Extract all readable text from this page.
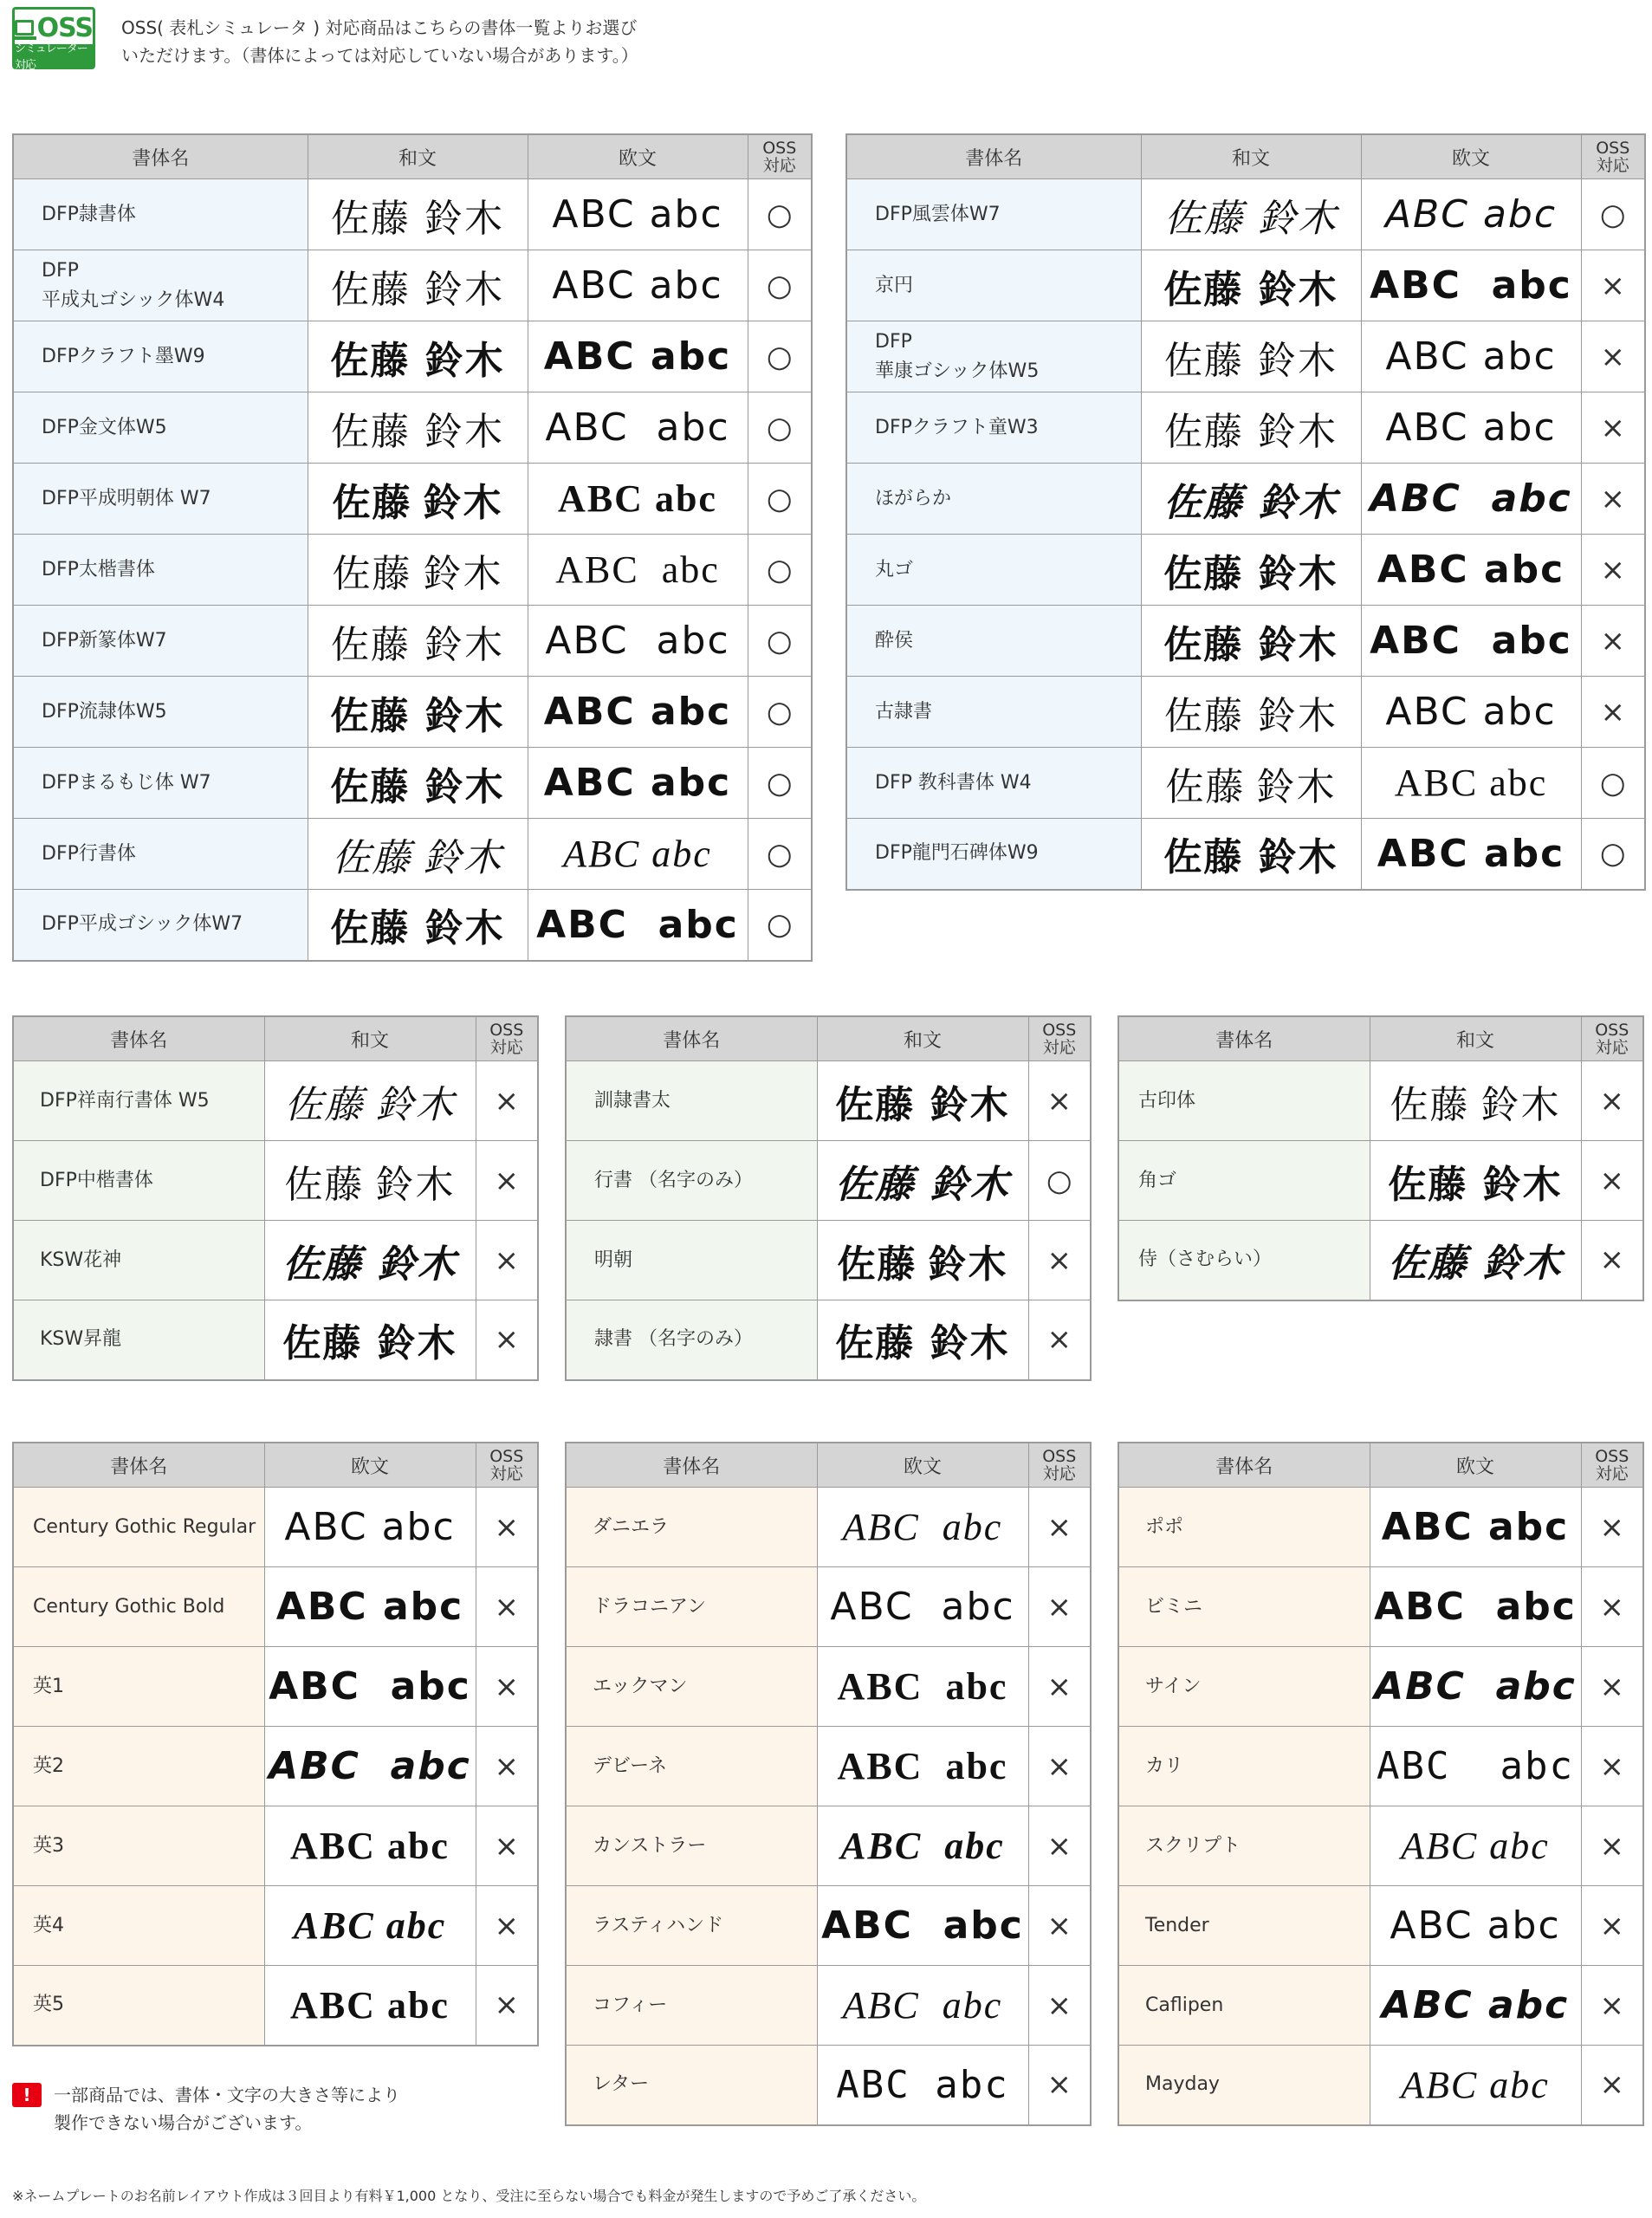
OSS
シミュレーター対応
OSS( 表札シミュレータ ) 対応商品はこちらの書体一覧よりお選び
いただけます。（書体によっては対応していない場合があります。）
書体名	和文	欧文	OSS
対応
DFP隷書体	佐藤 鈴木	ABC abc	○
DFP
平成丸ゴシック体W4	佐藤 鈴木	ABC abc	○
DFPクラフト墨W9	佐藤 鈴木	ABC abc	○
DFP金文体W5	佐藤 鈴木	ABC  abc	○
DFP平成明朝体 W7	佐藤 鈴木	ABC abc	○
DFP太楷書体	佐藤 鈴木	ABC  abc	○
DFP新篆体W7	佐藤 鈴木	ABC  abc	○
DFP流隷体W5	佐藤 鈴木	ABC abc	○
DFPまるもじ体 W7	佐藤 鈴木	ABC abc	○
DFP行書体	佐藤 鈴木	ABC abc	○
DFP平成ゴシック体W7	佐藤 鈴木	ABC  abc	○
書体名	和文	欧文	OSS
対応
DFP風雲体W7	佐藤 鈴木	ABC abc	○
京円	佐藤 鈴木	ABC  abc	×
DFP
華康ゴシック体W5	佐藤 鈴木	ABC abc	×
DFPクラフト童W3	佐藤 鈴木	ABC abc	×
ほがらか	佐藤 鈴木	ABC  abc	×
丸ゴ	佐藤 鈴木	ABC abc	×
酔侯	佐藤 鈴木	ABC  abc	×
古隷書	佐藤 鈴木	ABC abc	×
DFP 教科書体 W4	佐藤 鈴木	ABC abc	○
DFP龍門石碑体W9	佐藤 鈴木	ABC abc	○
書体名	和文	OSS
対応
DFP祥南行書体 W5	佐藤 鈴木	×
DFP中楷書体	佐藤 鈴木	×
KSW花神	佐藤 鈴木	×
KSW昇龍	佐藤 鈴木	×
書体名	和文	OSS
対応
訓隷書太	佐藤 鈴木	×
行書 （名字のみ）	佐藤 鈴木	○
明朝	佐藤 鈴木	×
隷書 （名字のみ）	佐藤 鈴木	×
書体名	和文	OSS
対応
古印体	佐藤 鈴木	×
角ゴ	佐藤 鈴木	×
侍（さむらい）	佐藤 鈴木	×
書体名	欧文	OSS
対応
Century Gothic Regular	ABC abc	×
Century Gothic Bold	ABC abc	×
英1	ABC  abc	×
英2	ABC  abc	×
英3	ABC abc	×
英4	ABC abc	×
英5	ABC abc	×
書体名	欧文	OSS
対応
ダニエラ	ABC  abc	×
ドラコニアン	ABC  abc	×
エックマン	ABC  abc	×
デビーネ	ABC  abc	×
カンストラー	ABC  abc	×
ラスティハンド	ABC  abc	×
コフィー	ABC  abc	×
レター	ABC abc	×
書体名	欧文	OSS
対応
ポポ	ABC abc	×
ビミニ	ABC  abc	×
サイン	ABC  abc	×
カリ	ABC  abc	×
スクリプト	ABC abc	×
Tender	ABC abc	×
Caflipen	ABC abc	×
Mayday	ABC abc	×
!	一部商品では、書体・文字の大きさ等により
製作できない場合がございます。
※ネームプレートのお名前レイアウト作成は３回目より有料￥1,000 となり、受注に至らない場合でも料金が発生しますので予めご了承ください。
